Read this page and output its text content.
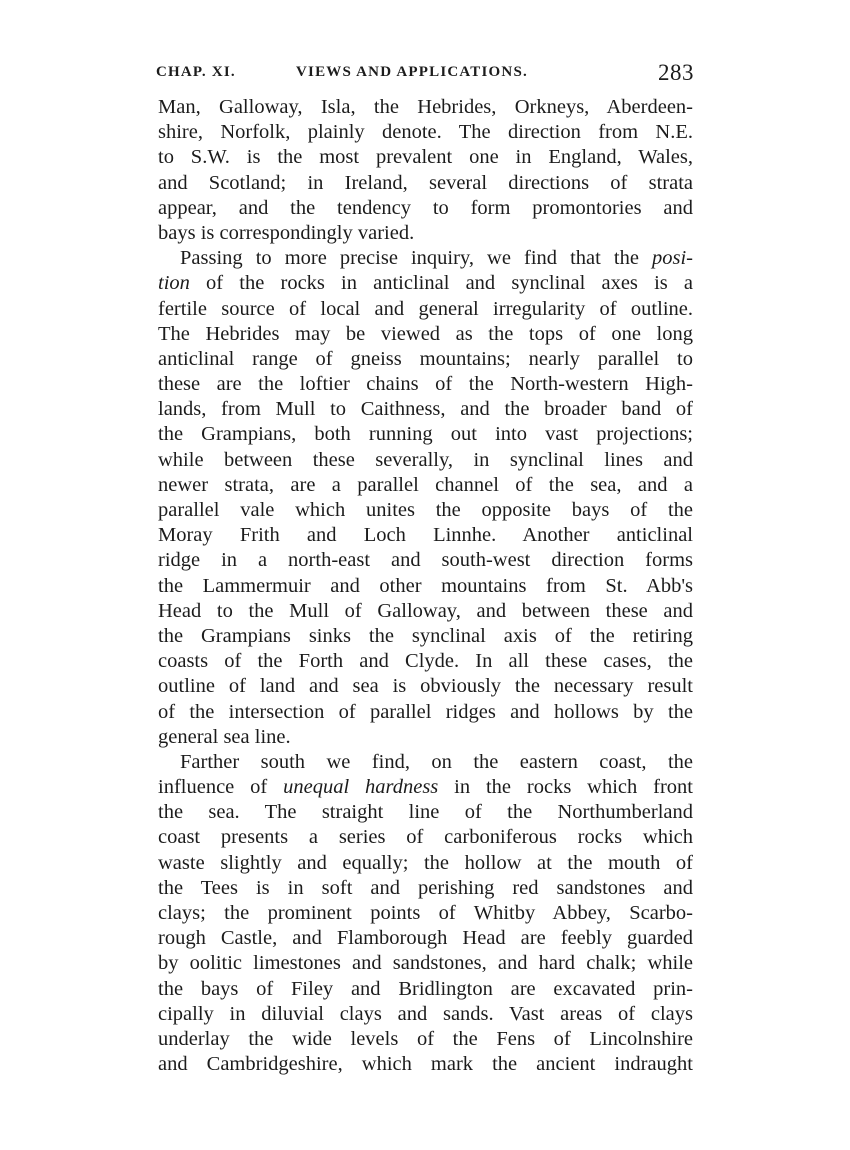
CHAP. XI.	VIEWS AND APPLICATIONS.	283
Man, Galloway, Isla, the Hebrides, Orkneys, Aberdeen-
shire, Norfolk, plainly denote. The direction from N.E.
to S.W. is the most prevalent one in England, Wales,
and Scotland; in Ireland, several directions of strata
appear, and the tendency to form promontories and
bays is correspondingly varied.
Passing to more precise inquiry, we find that the posi-
tion of the rocks in anticlinal and synclinal axes is a
fertile source of local and general irregularity of outline.
The Hebrides may be viewed as the tops of one long
anticlinal range of gneiss mountains; nearly parallel to
these are the loftier chains of the North-western High-
lands, from Mull to Caithness, and the broader band of
the Grampians, both running out into vast projections;
while between these severally, in synclinal lines and
newer strata, are a parallel channel of the sea, and a
parallel vale which unites the opposite bays of the
Moray Frith and Loch Linnhe. Another anticlinal
ridge in a north-east and south-west direction forms
the Lammermuir and other mountains from St. Abb's
Head to the Mull of Galloway, and between these and
the Grampians sinks the synclinal axis of the retiring
coasts of the Forth and Clyde. In all these cases, the
outline of land and sea is obviously the necessary result
of the intersection of parallel ridges and hollows by the
general sea line.
Farther south we find, on the eastern coast, the
influence of unequal hardness in the rocks which front
the sea. The straight line of the Northumberland
coast presents a series of carboniferous rocks which
waste slightly and equally; the hollow at the mouth of
the Tees is in soft and perishing red sandstones and
clays; the prominent points of Whitby Abbey, Scarbo-
rough Castle, and Flamborough Head are feebly guarded
by oolitic limestones and sandstones, and hard chalk; while
the bays of Filey and Bridlington are excavated prin-
cipally in diluvial clays and sands. Vast areas of clays
underlay the wide levels of the Fens of Lincolnshire
and Cambridgeshire, which mark the ancient indraught
